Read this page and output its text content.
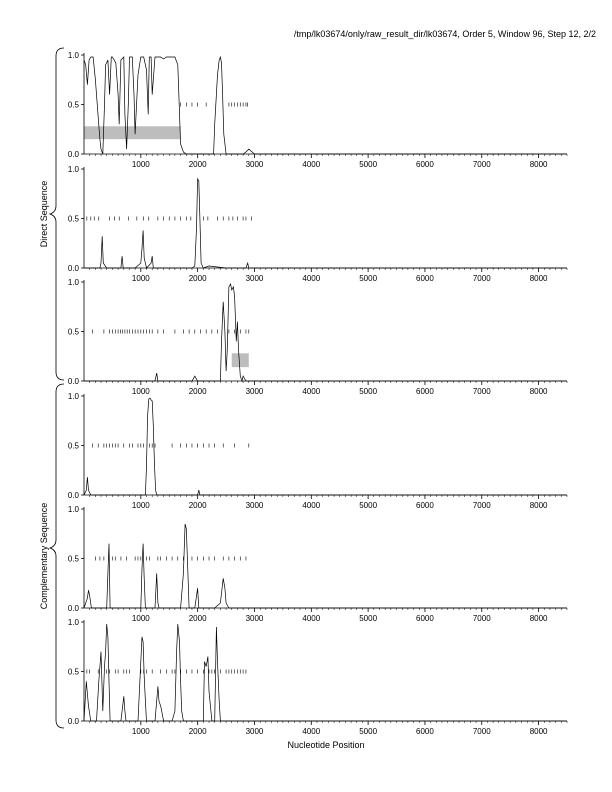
/tmp/lk03674/only/raw_result_dir/lk03674, Order 5, Window 96, Step 12, 2/2
Direct Sequence
Complementary Sequence
0.0
0.5
1.0
1000	2000	3000	4000	5000	6000	7000	8000
0.0
0.5
1.0
1000	2000	3000	4000	5000	6000	7000	8000
0.0
0.5
1.0
1000	2000	3000	4000	5000	6000	7000	8000
0.0
0.5
1.0
1000	2000	3000	4000	5000	6000	7000	8000
0.0
0.5
1.0
1000	2000	3000	4000	5000	6000	7000	8000
0.0
0.5
1.0
1000	2000	3000	4000	5000	6000	7000	8000
Nucleotide Position
